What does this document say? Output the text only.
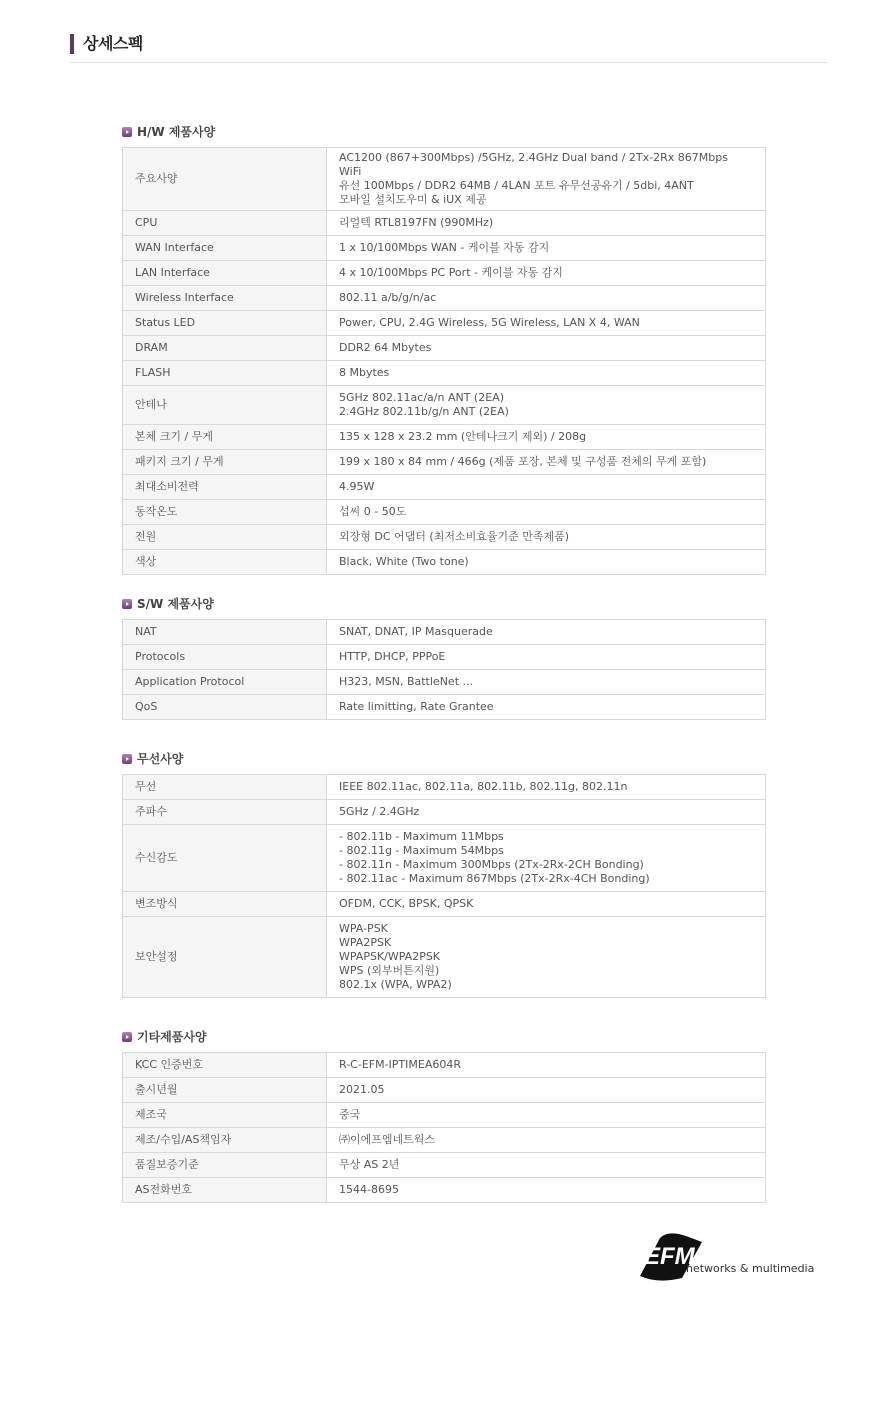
상세스펙
H/W 제품사양
주요사양	AC1200 (867+300Mbps) /5GHz, 2.4GHz Dual band / 2Tx-2Rx 867Mbps WiFi
유선 100Mbps / DDR2 64MB / 4LAN 포트 유무선공유기 / 5dbi, 4ANT
모바일 설치도우미 & iUX 제공
CPU	리얼텍 RTL8197FN (990MHz)
WAN Interface	1 x 10/100Mbps WAN - 케이블 자동 감지
LAN Interface	4 x 10/100Mbps PC Port - 케이블 자동 감지
Wireless Interface	802.11 a/b/g/n/ac
Status LED	Power, CPU, 2.4G Wireless, 5G Wireless, LAN X 4, WAN
DRAM	DDR2 64 Mbytes
FLASH	8 Mbytes
안테나	5GHz 802.11ac/a/n ANT (2EA)
2.4GHz 802.11b/g/n ANT (2EA)
본체 크기 / 무게	135 x 128 x 23.2 mm (안테나크기 제외) / 208g
패키지 크기 / 무게	199 x 180 x 84 mm / 466g (제품 포장, 본체 및 구성품 전체의 무게 포함)
최대소비전력	4.95W
동작온도	섭씨 0 - 50도
전원	외장형 DC 어댑터 (최저소비효율기준 만족제품)
색상	Black, White (Two tone)
S/W 제품사양
NAT	SNAT, DNAT, IP Masquerade
Protocols	HTTP, DHCP, PPPoE
Application Protocol	H323, MSN, BattleNet ...
QoS	Rate limitting, Rate Grantee
무선사양
무선	IEEE 802.11ac, 802.11a, 802.11b, 802.11g, 802.11n
주파수	5GHz / 2.4GHz
수신감도	- 802.11b - Maximum 11Mbps
- 802.11g - Maximum 54Mbps
- 802.11n - Maximum 300Mbps (2Tx-2Rx-2CH Bonding)
- 802.11ac - Maximum 867Mbps (2Tx-2Rx-4CH Bonding)
변조방식	OFDM, CCK, BPSK, QPSK
보안설정	WPA-PSK
WPA2PSK
WPAPSK/WPA2PSK
WPS (외부버튼지원)
802.1x (WPA, WPA2)
기타제품사양
KCC 인증번호	R-C-EFM-IPTIMEA604R
출시년월	2021.05
제조국	중국
제조/수입/AS책임자	㈜이에프엠네트웍스
품질보증기준	무상 AS 2년
AS전화번호	1544-8695
EFM
networks & multimedia
